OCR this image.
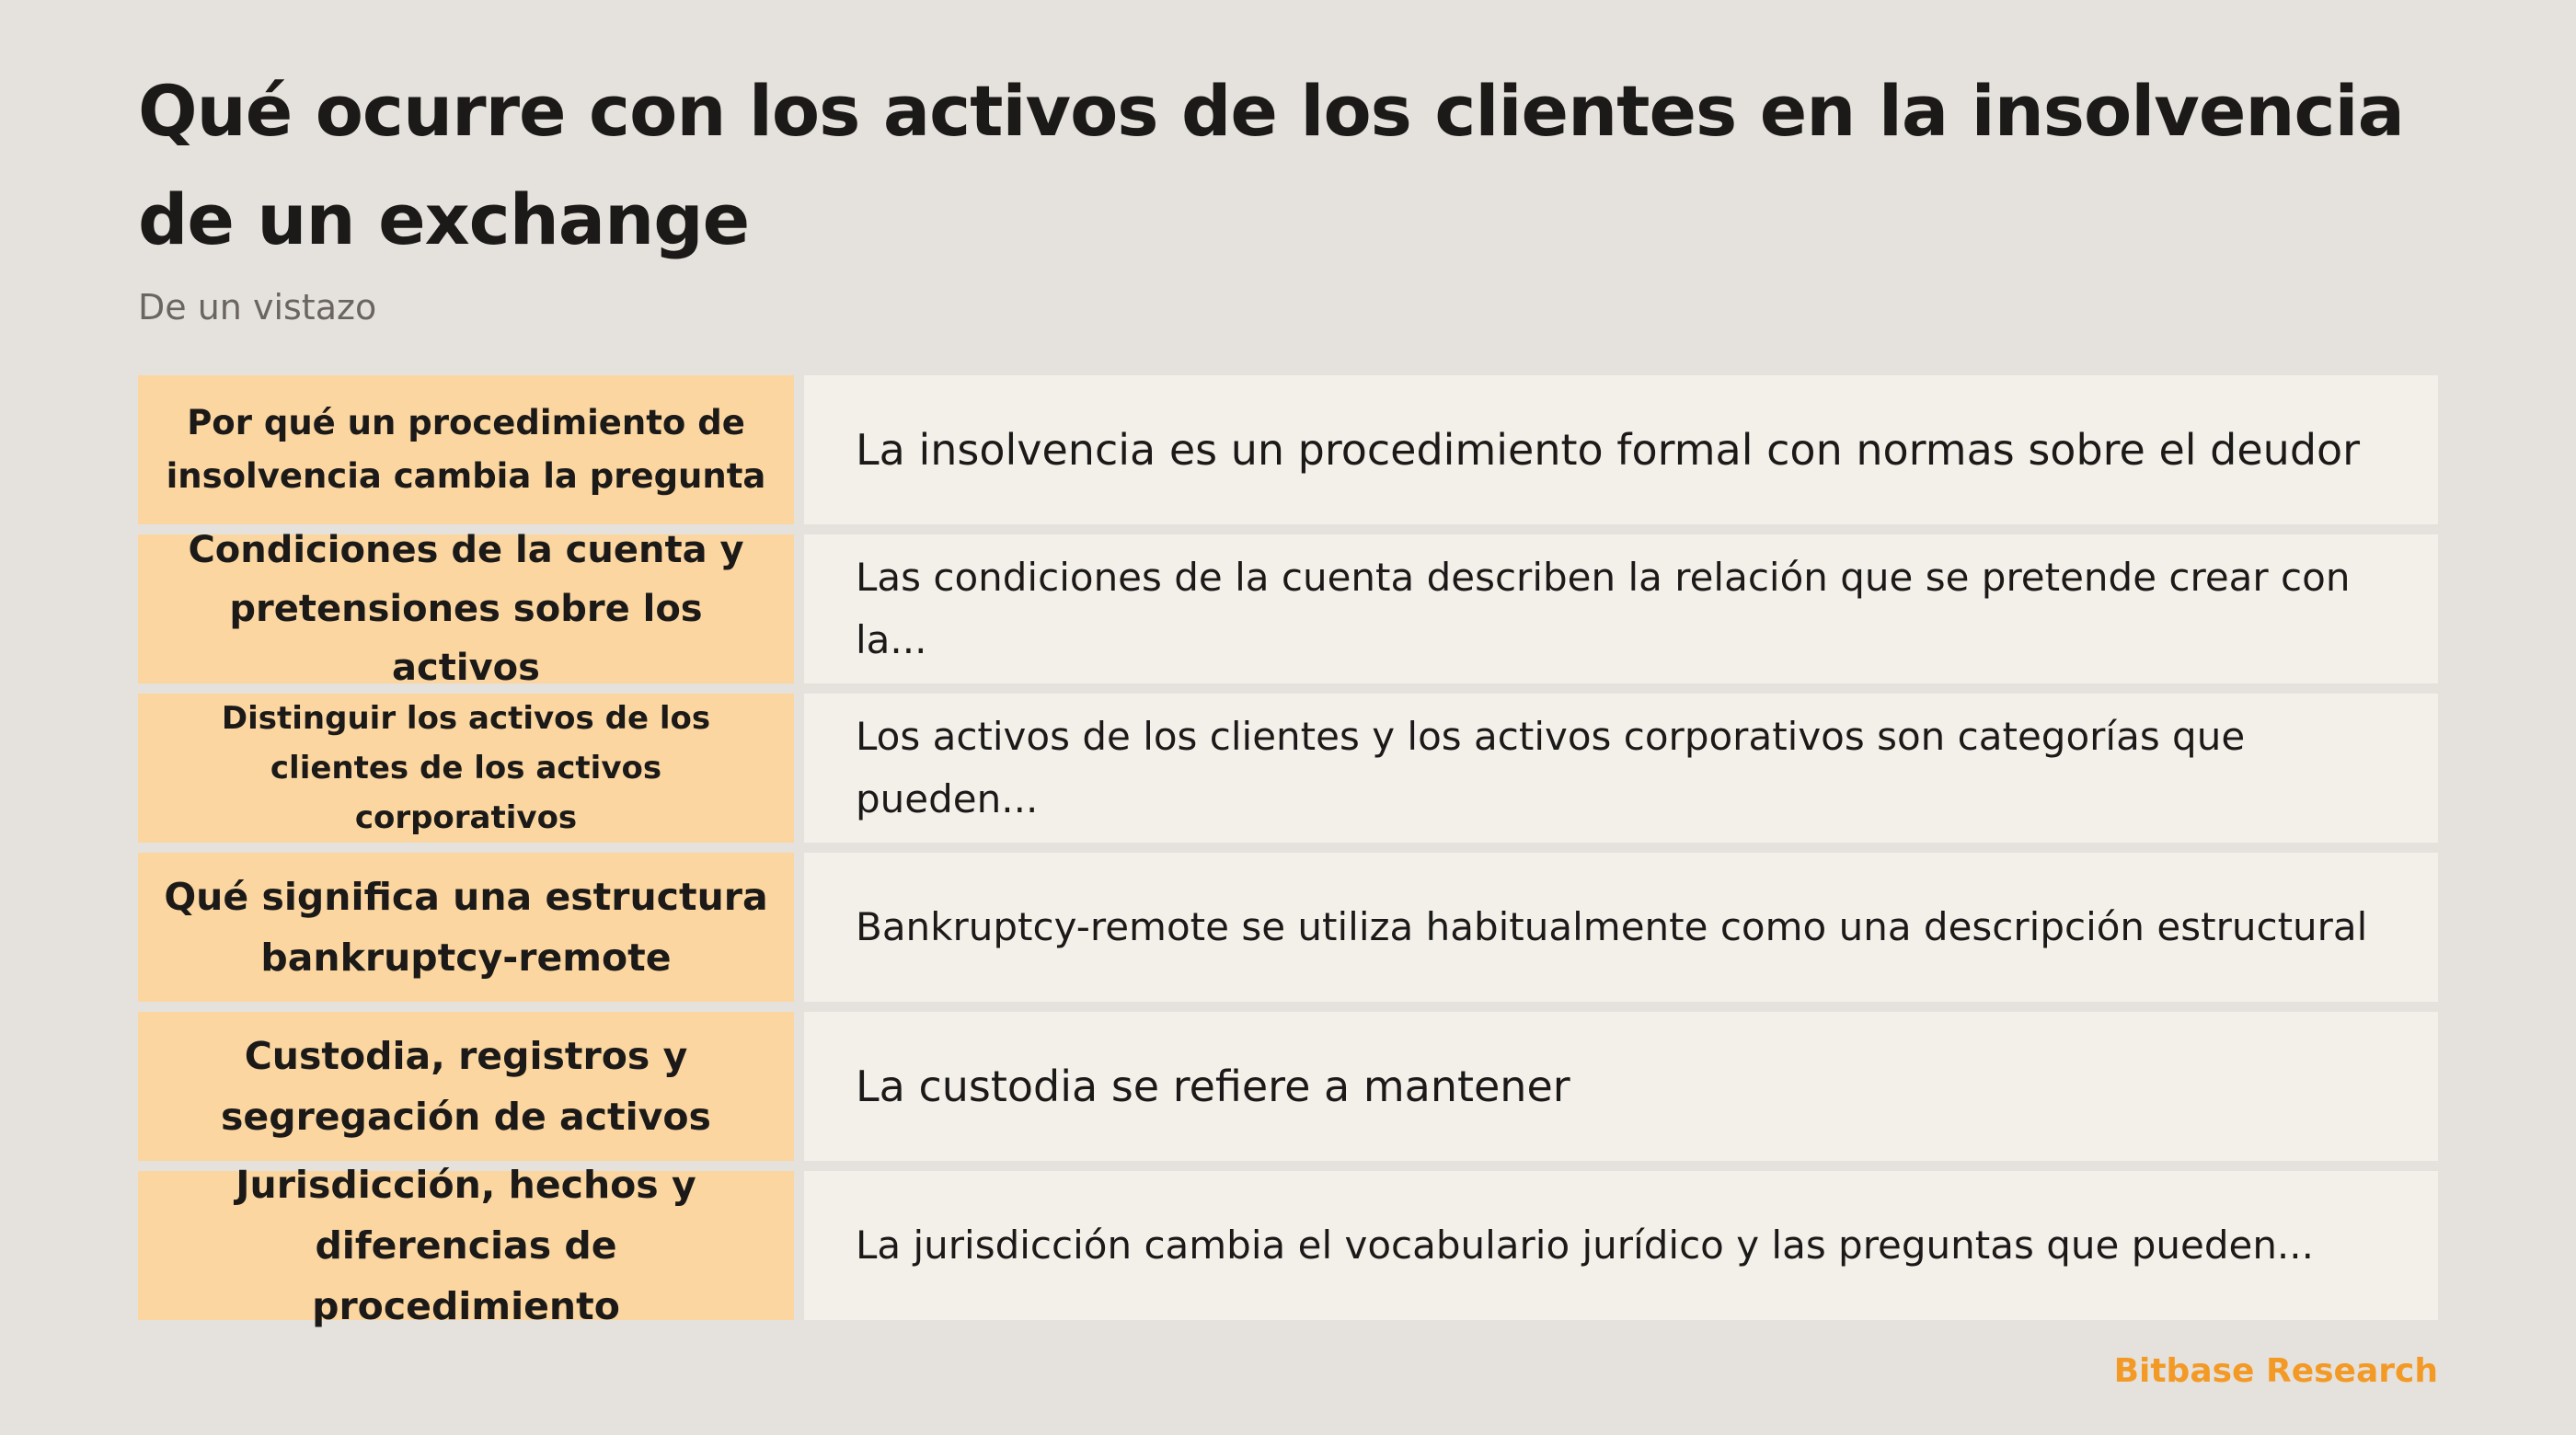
Qué ocurre con los activos de los clientes en la insolvencia de un exchange

De un vistazo

Por qué un procedimiento de insolvencia cambia la pregunta
La insolvencia es un procedimiento formal con normas sobre el deudor
Condiciones de la cuenta y pretensiones sobre los activos
Las condiciones de la cuenta describen la relación que se pretende crear con la...
Distinguir los activos de los clientes de los activos corporativos
Los activos de los clientes y los activos corporativos son categorías que pueden...
Qué significa una estructura bankruptcy-remote
Bankruptcy-remote se utiliza habitualmente como una descripción estructural
Custodia, registros y segregación de activos
La custodia se refiere a mantener
Jurisdicción, hechos y diferencias de procedimiento
La jurisdicción cambia el vocabulario jurídico y las preguntas que pueden...

Bitbase Research
